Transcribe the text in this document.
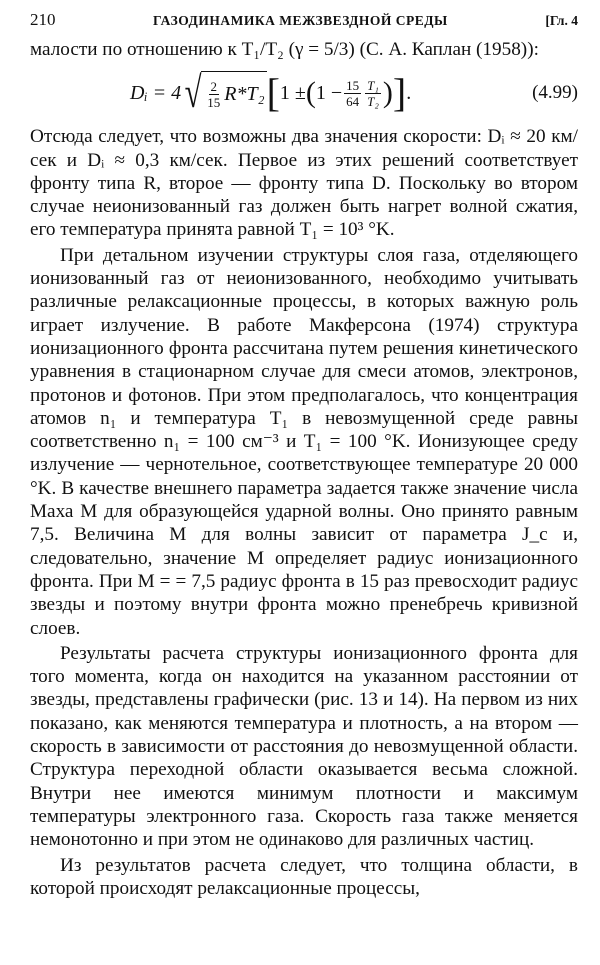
210	ГАЗОДИНАМИКА МЕЖЗВЕЗДНОЙ СРЕДЫ	[Гл. 4

малости по отношению к T₁/T₂ (γ = 5/3) (С. А. Каплан (1958)):

Dᵢ = 4 √ $\frac{2}{15} R*T_2$ [ 1 ± ( $1 - \frac{15}{64} \frac{\text{T₁}}{\text{T₂}}$ ) ] .	(4.99)

Отсюда следует, что возможны два значения скорости: Dᵢ ≈ 20 км/сек и Dᵢ ≈ 0,3 км/сек. Первое из этих решений соответствует фронту типа R, второе — фронту типа D. Поскольку во втором случае неионизованный газ должен быть нагрет волной сжатия, его температура принята равной T₁ = 10³ °K.

При детальном изучении структуры слоя газа, отделяющего ионизованный газ от неионизованного, необходимо учитывать различные релаксационные процессы, в которых важную роль играет излучение. В работе Макферсона (1974) структура ионизационного фронта рассчитана путем решения кинетического уравнения в стационарном случае для смеси атомов, электронов, протонов и фотонов. При этом предполагалось, что концентрация атомов n₁ и температура T₁ в невозмущенной среде равны соответственно n₁ = 100 см⁻³ и T₁ = 100 °K. Ионизующее среду излучение — чернотельное, соответствующее температуре 20 000 °K. В качестве внешнего параметра задается также значение числа Маха M для образующейся ударной волны. Оно принято равным 7,5. Величина M для волны зависит от параметра J_c и, следовательно, значение M определяет радиус ионизационного фронта. При M = = 7,5 радиус фронта в 15 раз превосходит радиус звезды и поэтому внутри фронта можно пренебречь кривизной слоев.

Результаты расчета структуры ионизационного фронта для того момента, когда он находится на указанном расстоянии от звезды, представлены графически (рис. 13 и 14). На первом из них показано, как меняются температура и плотность, а на втором — скорость в зависимости от расстояния до невозмущенной области. Структура переходной области оказывается весьма сложной. Внутри нее имеются минимум плотности и максимум температуры электронного газа. Скорость газа также меняется немонотонно и при этом не одинаково для различных частиц.

Из результатов расчета следует, что толщина области, в которой происходят релаксационные процессы,
